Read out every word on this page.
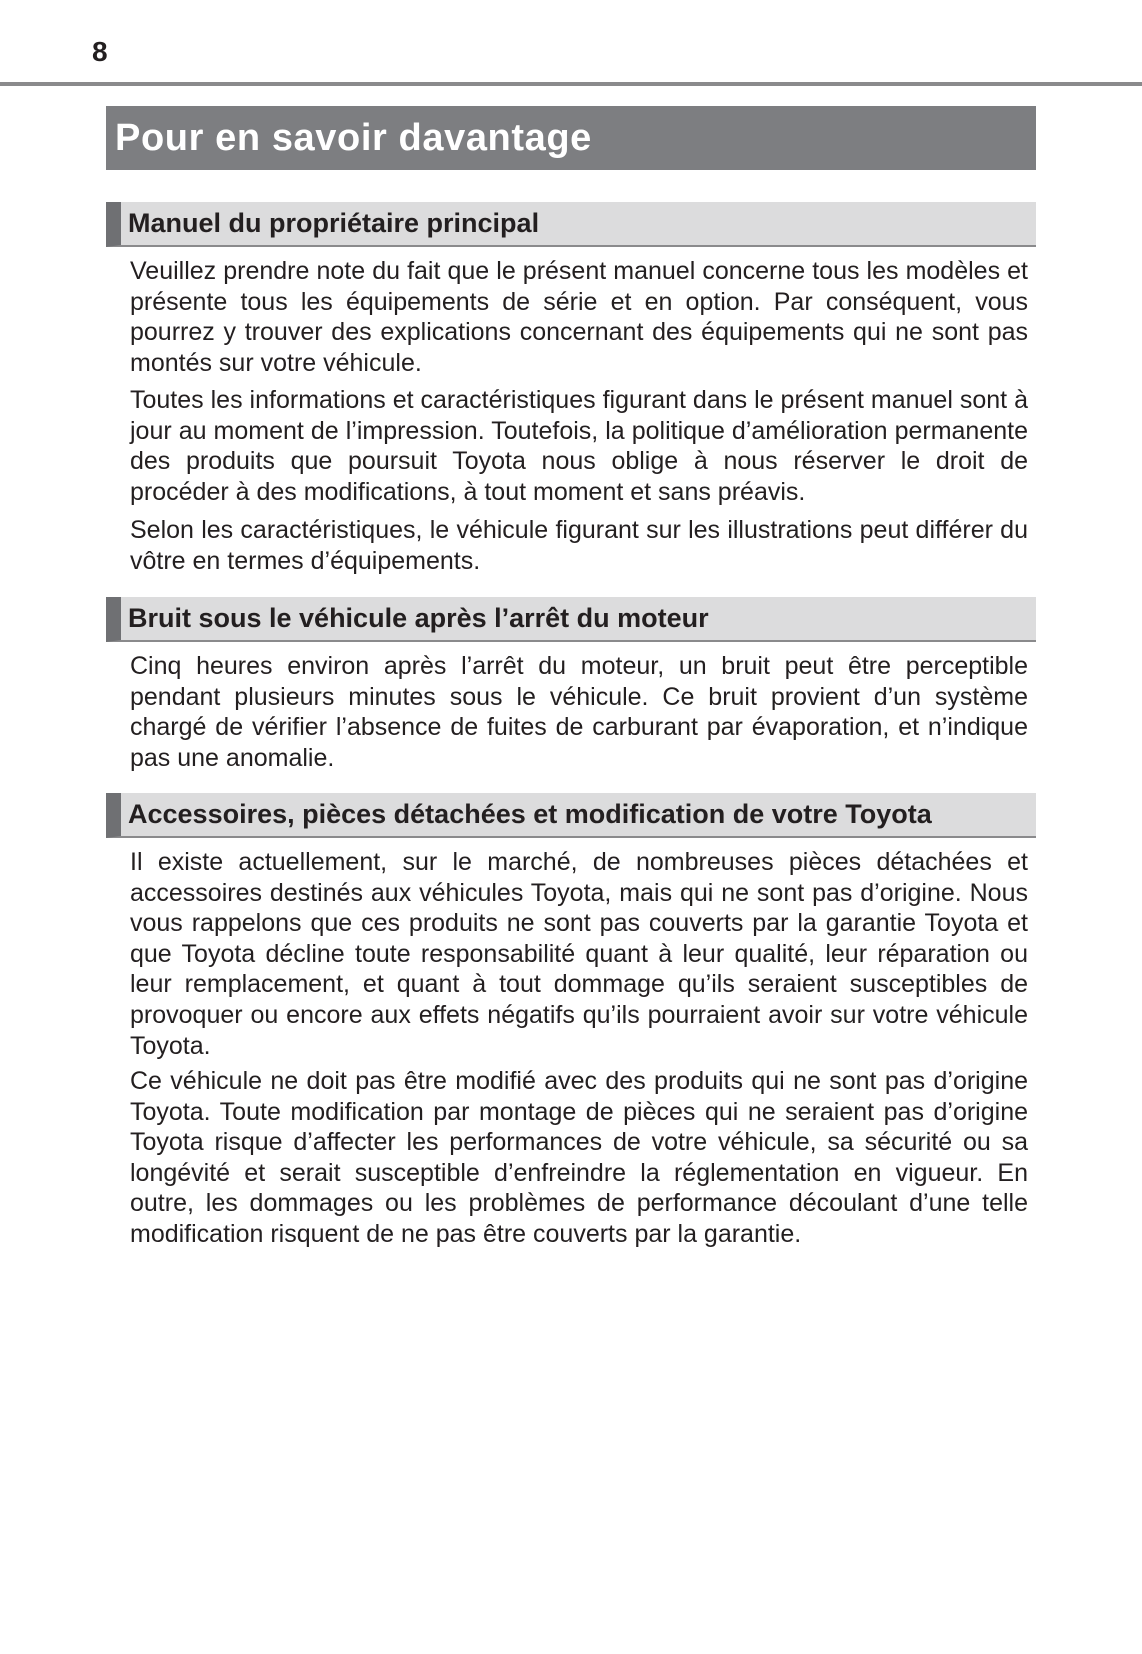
8
Pour en savoir davantage
Manuel du propriétaire principal

Veuillez prendre note du fait que le présent manuel concerne tous les modèles et présente tous les équipements de série et en option. Par conséquent, vous pourrez y trouver des explications concernant des équipements qui ne sont pas montés sur votre véhicule.

Toutes les informations et caractéristiques figurant dans le présent manuel sont à jour au moment de l’impression. Toutefois, la politique d’amélioration permanente des produits que poursuit Toyota nous oblige à nous réserver le droit de procéder à des modifications, à tout moment et sans préavis.

Selon les caractéristiques, le véhicule figurant sur les illustrations peut différer du vôtre en termes d’équipements.

Bruit sous le véhicule après l’arrêt du moteur

Cinq heures environ après l’arrêt du moteur, un bruit peut être perceptible pendant plusieurs minutes sous le véhicule. Ce bruit provient d’un système chargé de vérifier l’absence de fuites de carburant par évaporation, et n’indique pas une anomalie.

Accessoires, pièces détachées et modification de votre Toyota

Il existe actuellement, sur le marché, de nombreuses pièces détachées et accessoires destinés aux véhicules Toyota, mais qui ne sont pas d’origine. Nous vous rappelons que ces produits ne sont pas couverts par la garantie Toyota et que Toyota décline toute responsabilité quant à leur qualité, leur réparation ou leur remplacement, et quant à tout dommage qu’ils seraient susceptibles de provoquer ou encore aux effets négatifs qu’ils pourraient avoir sur votre véhicule Toyota.

Ce véhicule ne doit pas être modifié avec des produits qui ne sont pas d’origine Toyota. Toute modification par montage de pièces qui ne seraient pas d’origine Toyota risque d’affecter les performances de votre véhicule, sa sécurité ou sa longévité et serait susceptible d’enfreindre la réglementation en vigueur. En outre, les dommages ou les problèmes de performance découlant d’une telle modification risquent de ne pas être couverts par la garantie.
